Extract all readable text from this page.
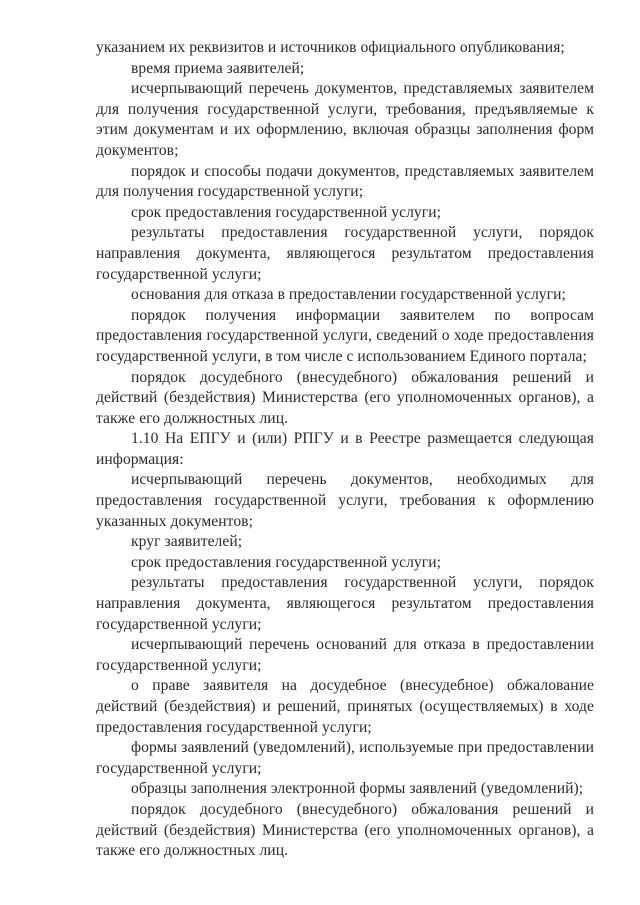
указанием их реквизитов и источников официального опубликования;

время приема заявителей;

исчерпывающий перечень документов, представляемых заявителем для получения государственной услуги, требования, предъявляемые к этим документам и их оформлению, включая образцы заполнения форм документов;

порядок и способы подачи документов, представляемых заявителем для получения государственной услуги;

срок предоставления государственной услуги;

результаты предоставления государственной услуги, порядок направления документа, являющегося результатом предоставления государственной услуги;

основания для отказа в предоставлении государственной услуги;

порядок получения информации заявителем по вопросам предоставления государственной услуги, сведений о ходе предоставления государственной услуги, в том числе с использованием Единого портала;

порядок досудебного (внесудебного) обжалования решений и действий (бездействия) Министерства (его уполномоченных органов), а также его должностных лиц.

1.10 На ЕПГУ и (или) РПГУ и в Реестре размещается следующая информация:

исчерпывающий перечень документов, необходимых для предоставления государственной услуги, требования к оформлению указанных документов;

круг заявителей;

срок предоставления государственной услуги;

результаты предоставления государственной услуги, порядок направления документа, являющегося результатом предоставления государственной услуги;

исчерпывающий перечень оснований для отказа в предоставлении государственной услуги;

о праве заявителя на досудебное (внесудебное) обжалование действий (бездействия) и решений, принятых (осуществляемых) в ходе предоставления государственной услуги;

формы заявлений (уведомлений), используемые при предоставлении государственной услуги;

образцы заполнения электронной формы заявлений (уведомлений);

порядок досудебного (внесудебного) обжалования решений и действий (бездействия) Министерства (его уполномоченных органов), а также его должностных лиц.
